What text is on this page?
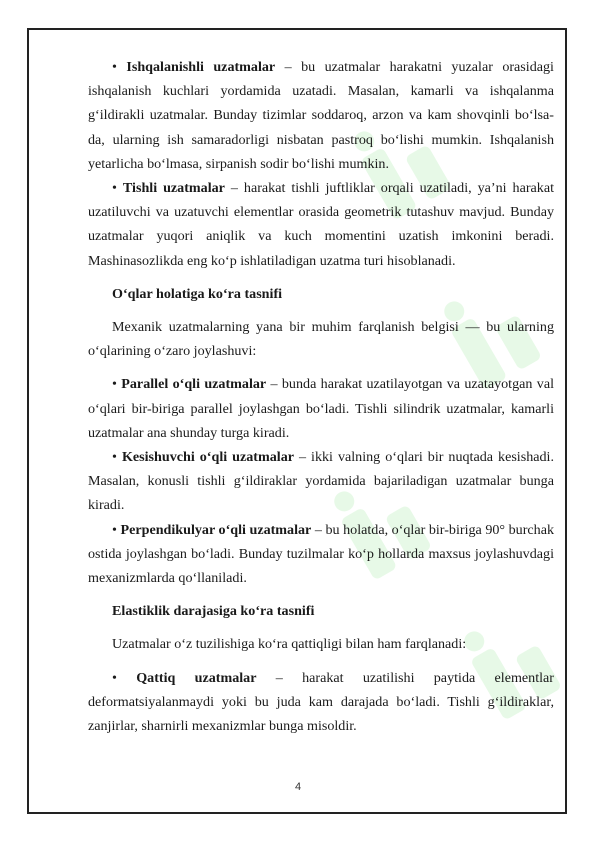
• Ishqalanishli uzatmalar – bu uzatmalar harakatni yuzalar orasidagi ishqalanish kuchlari yordamida uzatadi. Masalan, kamarli va ishqalanma g‘ildirakli uzatmalar. Bunday tizimlar soddaroq, arzon va kam shovqinli bo‘lsa-da, ularning ish samaradorligi nisbatan pastroq bo‘lishi mumkin. Ishqalanish yetarlicha bo‘lmasa, sirpanish sodir bo‘lishi mumkin.

• Tishli uzatmalar – harakat tishli juftliklar orqali uzatiladi, ya’ni harakat uzatiluvchi va uzatuvchi elementlar orasida geometrik tutashuv mavjud. Bunday uzatmalar yuqori aniqlik va kuch momentini uzatish imkonini beradi. Mashinasozlikda eng ko‘p ishlatiladigan uzatma turi hisoblanadi.

O‘qlar holatiga ko‘ra tasnifi

Mexanik uzatmalarning yana bir muhim farqlanish belgisi — bu ularning o‘qlarining o‘zaro joylashuvi:

• Parallel o‘qli uzatmalar – bunda harakat uzatilayotgan va uzatayotgan val o‘qlari bir-biriga parallel joylashgan bo‘ladi. Tishli silindrik uzatmalar, kamarli uzatmalar ana shunday turga kiradi.

• Kesishuvchi o‘qli uzatmalar – ikki valning o‘qlari bir nuqtada kesishadi. Masalan, konusli tishli g‘ildiraklar yordamida bajariladigan uzatmalar bunga kiradi.

• Perpendikulyar o‘qli uzatmalar – bu holatda, o‘qlar bir-biriga 90° burchak ostida joylashgan bo‘ladi. Bunday tuzilmalar ko‘p hollarda maxsus joylashuvdagi mexanizmlarda qo‘llaniladi.

Elastiklik darajasiga ko‘ra tasnifi

Uzatmalar o‘z tuzilishiga ko‘ra qattiqligi bilan ham farqlanadi:

• Qattiq uzatmalar – harakat uzatilishi paytida elementlar deformatsiyalanmaydi yoki bu juda kam darajada bo‘ladi. Tishli g‘ildiraklar, zanjirlar, sharnirli mexanizmlar bunga misoldir.

4
